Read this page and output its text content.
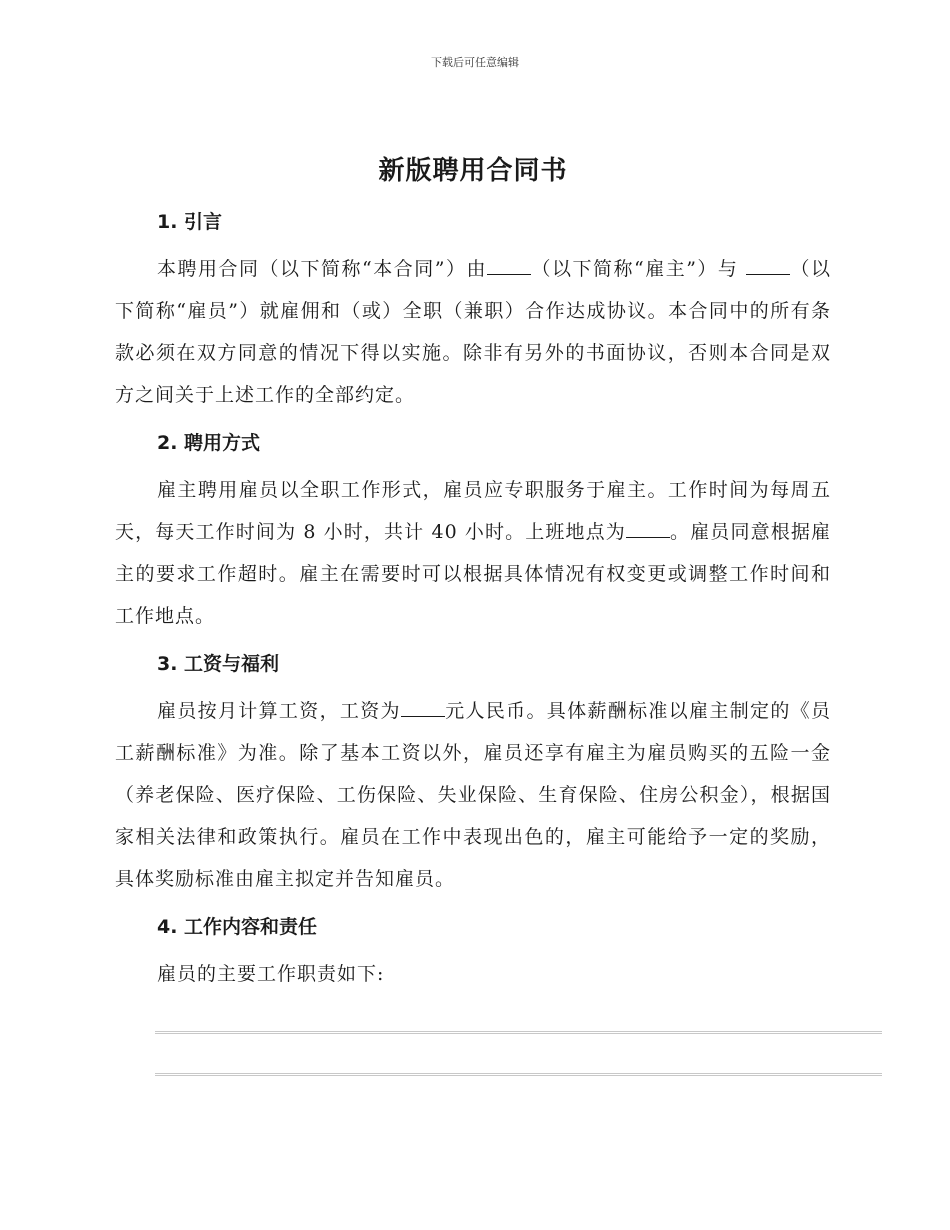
下载后可任意编辑
新版聘用合同书
1. 引言
本聘用合同（以下简称“本合同”）由 （以下简称“雇主”）与	（以下简称“雇员”）就雇佣和（或）全职（兼职）合作达成协议。本合同中的所有条款必须在双方同意的情况下得以实施。除非有另外的书面协议，否则本合同是双方之间关于上述工作的全部约定。
2. 聘用方式
雇主聘用雇员以全职工作形式，雇员应专职服务于雇主。工作时间为每周五天，每天工作时间为 8 小时，共计 40 小时。上班地点为 。雇员同意根据雇主的要求工作超时。雇主在需要时可以根据具体情况有权变更或调整工作时间和工作地点。
3. 工资与福利
雇员按月计算工资，工资为 元人民币。具体薪酬标准以雇主制定的《员工薪酬标准》为准。除了基本工资以外，雇员还享有雇主为雇员购买的五险一金（养老保险、医疗保险、工伤保险、失业保险、生育保险、住房公积金），根据国家相关法律和政策执行。雇员在工作中表现出色的，雇主可能给予一定的奖励，具体奖励标准由雇主拟定并告知雇员。
4. 工作内容和责任
雇员的主要工作职责如下:
